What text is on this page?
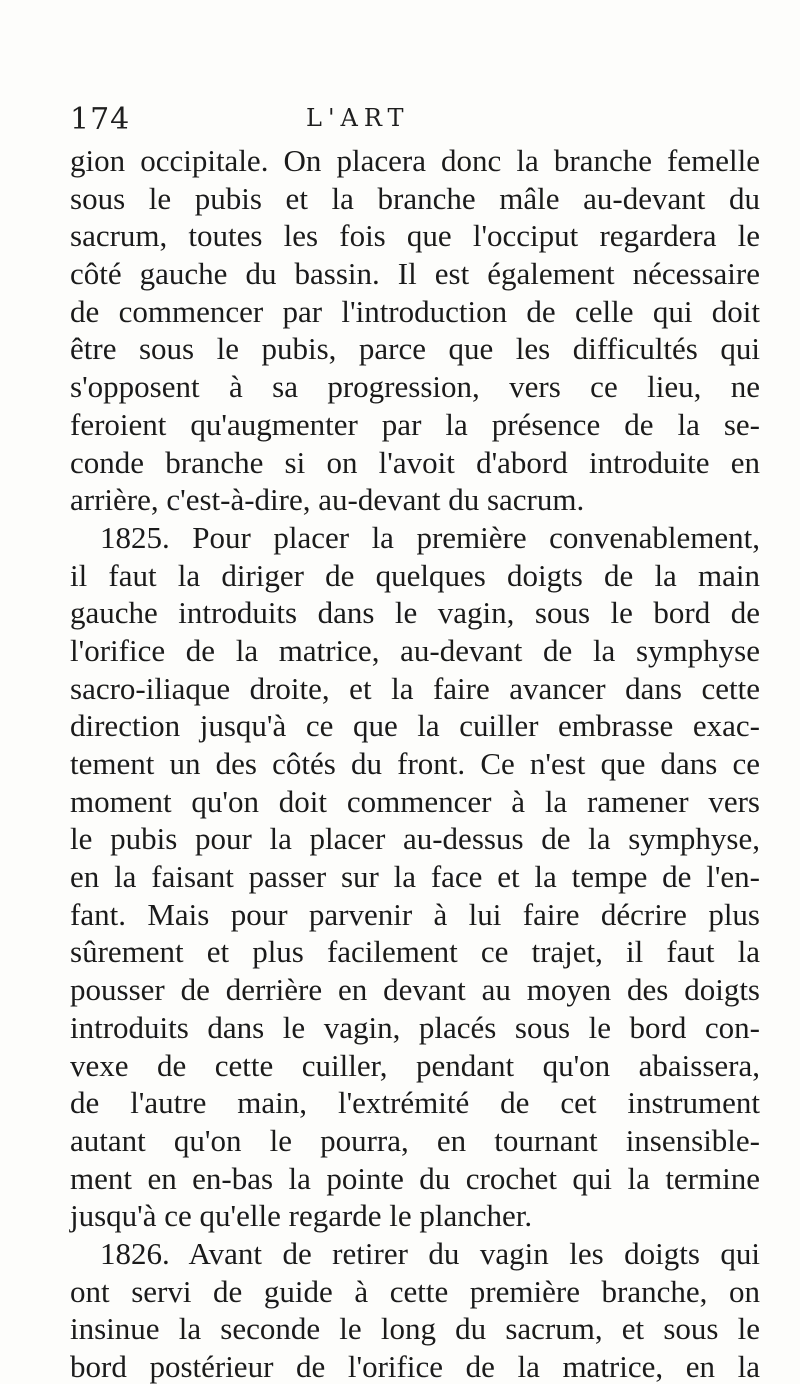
174	L'ART
gion occipitale. On placera donc la branche femelle
sous le pubis et la branche mâle au-devant du
sacrum, toutes les fois que l'occiput regardera le
côté gauche du bassin. Il est également nécessaire
de commencer par l'introduction de celle qui doit
être sous le pubis, parce que les difficultés qui
s'opposent à sa progression, vers ce lieu, ne
feroient qu'augmenter par la présence de la se-
conde branche si on l'avoit d'abord introduite en
arrière, c'est-à-dire, au-devant du sacrum.
1825. Pour placer la première convenablement,
il faut la diriger de quelques doigts de la main
gauche introduits dans le vagin, sous le bord de
l'orifice de la matrice, au-devant de la symphyse
sacro-iliaque droite, et la faire avancer dans cette
direction jusqu'à ce que la cuiller embrasse exac-
tement un des côtés du front. Ce n'est que dans ce
moment qu'on doit commencer à la ramener vers
le pubis pour la placer au-dessus de la symphyse,
en la faisant passer sur la face et la tempe de l'en-
fant. Mais pour parvenir à lui faire décrire plus
sûrement et plus facilement ce trajet, il faut la
pousser de derrière en devant au moyen des doigts
introduits dans le vagin, placés sous le bord con-
vexe de cette cuiller, pendant qu'on abaissera,
de l'autre main, l'extrémité de cet instrument
autant qu'on le pourra, en tournant insensible-
ment en en-bas la pointe du crochet qui la termine
jusqu'à ce qu'elle regarde le plancher.
1826. Avant de retirer du vagin les doigts qui
ont servi de guide à cette première branche, on
insinue la seconde le long du sacrum, et sous le
bord postérieur de l'orifice de la matrice, en la
